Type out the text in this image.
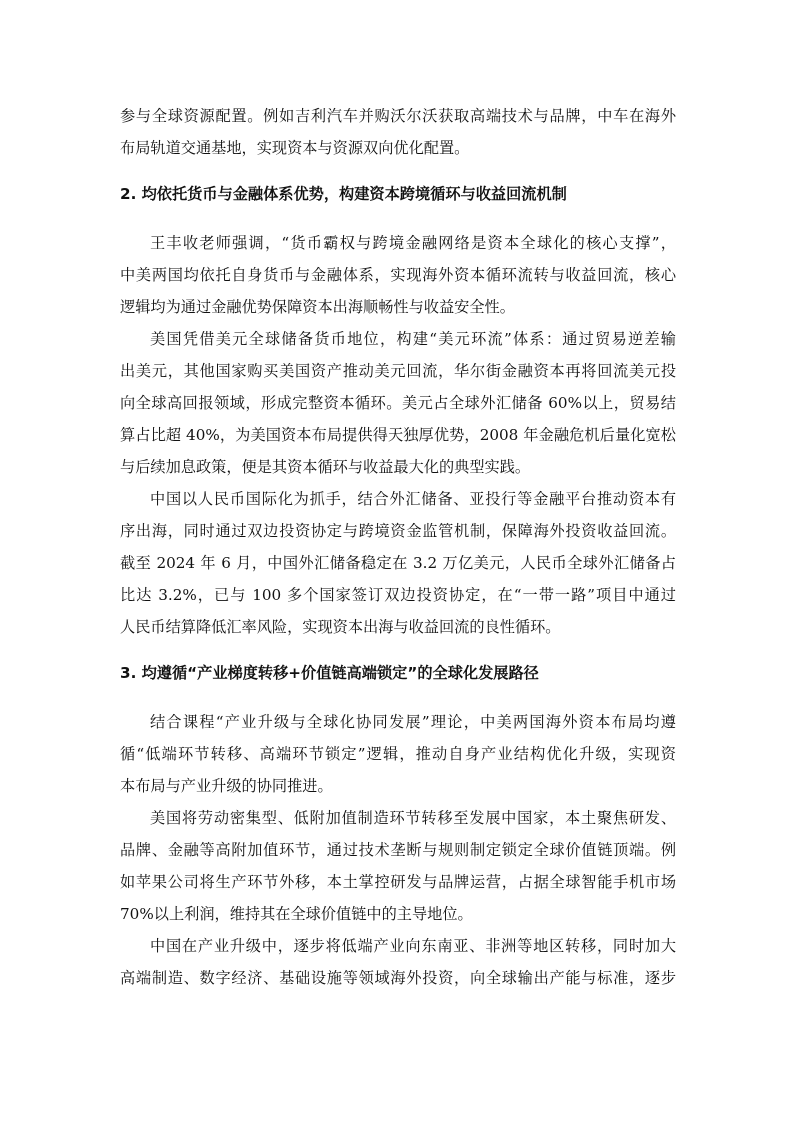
参与全球资源配置。例如吉利汽车并购沃尔沃获取高端技术与品牌，中车在海外
布局轨道交通基地，实现资本与资源双向优化配置。
2. 均依托货币与金融体系优势，构建资本跨境循环与收益回流机制
王丰收老师强调，“货币霸权与跨境金融网络是资本全球化的核心支撑”，
中美两国均依托自身货币与金融体系，实现海外资本循环流转与收益回流，核心
逻辑均为通过金融优势保障资本出海顺畅性与收益安全性。
美国凭借美元全球储备货币地位，构建“美元环流”体系：通过贸易逆差输
出美元，其他国家购买美国资产推动美元回流，华尔街金融资本再将回流美元投
向全球高回报领域，形成完整资本循环。美元占全球外汇储备 60%以上，贸易结
算占比超 40%，为美国资本布局提供得天独厚优势，2008 年金融危机后量化宽松
与后续加息政策，便是其资本循环与收益最大化的典型实践。
中国以人民币国际化为抓手，结合外汇储备、亚投行等金融平台推动资本有
序出海，同时通过双边投资协定与跨境资金监管机制，保障海外投资收益回流。
截至 2024 年 6 月，中国外汇储备稳定在 3.2 万亿美元，人民币全球外汇储备占
比达 3.2%，已与 100 多个国家签订双边投资协定，在“一带一路”项目中通过
人民币结算降低汇率风险，实现资本出海与收益回流的良性循环。
3. 均遵循“产业梯度转移+价值链高端锁定”的全球化发展路径
结合课程“产业升级与全球化协同发展”理论，中美两国海外资本布局均遵
循“低端环节转移、高端环节锁定”逻辑，推动自身产业结构优化升级，实现资
本布局与产业升级的协同推进。
美国将劳动密集型、低附加值制造环节转移至发展中国家，本土聚焦研发、
品牌、金融等高附加值环节，通过技术垄断与规则制定锁定全球价值链顶端。例
如苹果公司将生产环节外移，本土掌控研发与品牌运营，占据全球智能手机市场
70%以上利润，维持其在全球价值链中的主导地位。
中国在产业升级中，逐步将低端产业向东南亚、非洲等地区转移，同时加大
高端制造、数字经济、基础设施等领域海外投资，向全球输出产能与标准，逐步
